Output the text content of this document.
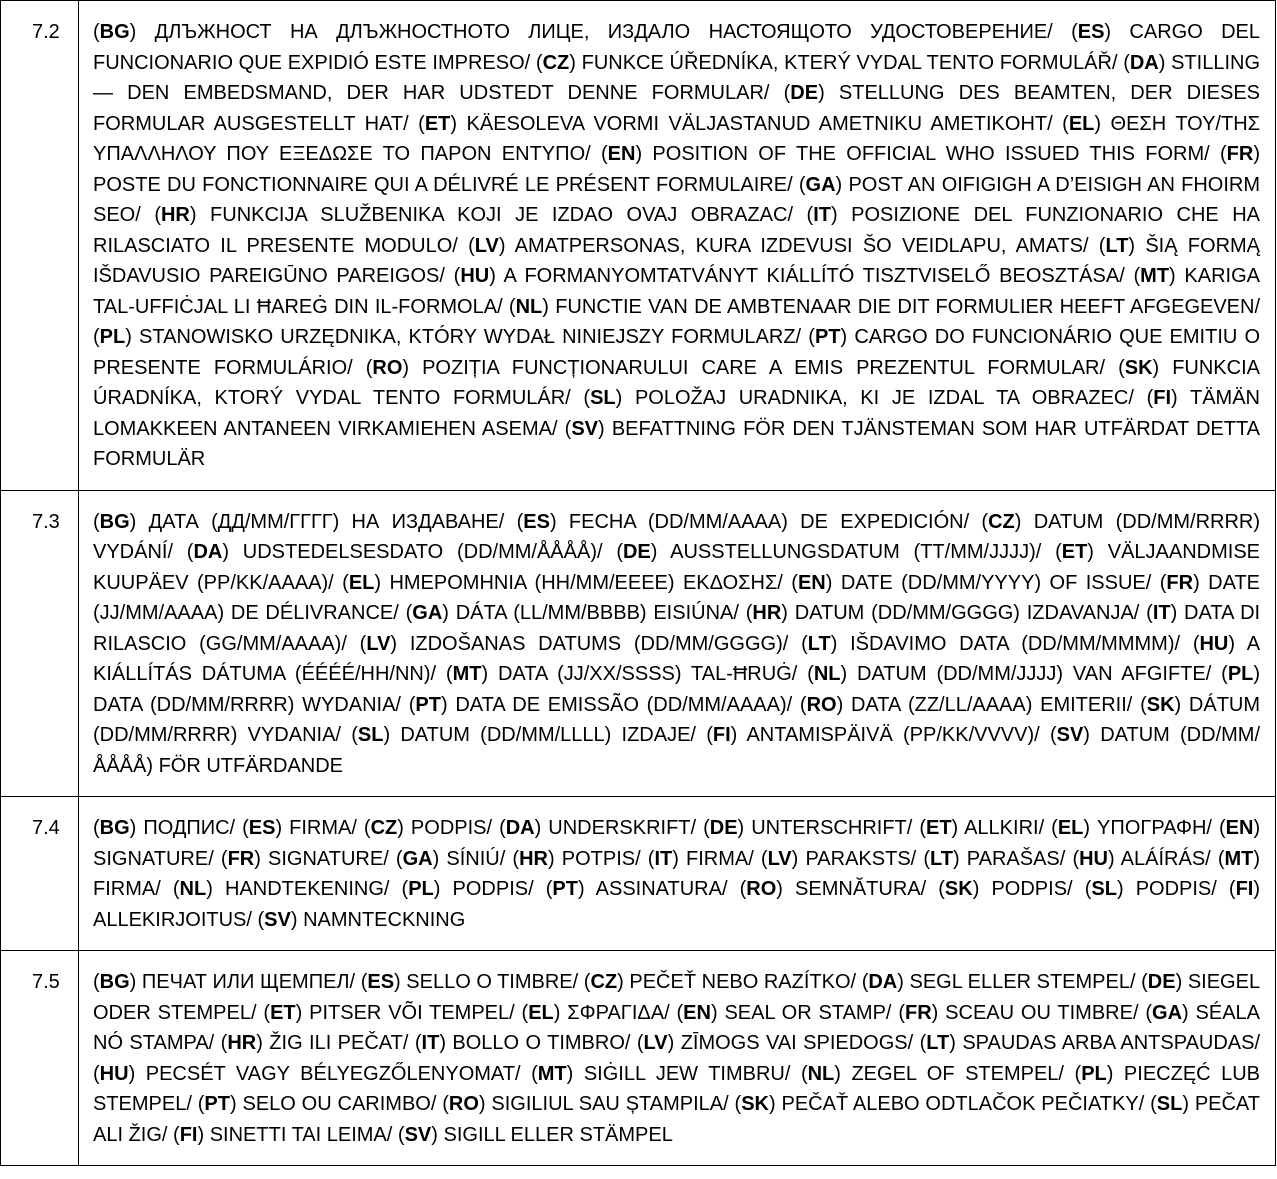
7.2	(BG) ДЛЪЖНОСТ НА ДЛЪЖНОСТНОТО ЛИЦЕ, ИЗДАЛО НАСТОЯЩОТО УДОСТОВЕРЕНИЕ/ (ES) CARGO DEL FUNCIONARIO QUE EXPIDIÓ ESTE IMPRESO/ (CZ) FUNKCE ÚŘEDNÍKA, KTERÝ VYDAL TENTO FORMULÁŘ/ (DA) STILLING — DEN EMBEDSMAND, DER HAR UDSTEDT DENNE FORMULAR/ (DE) STELLUNG DES BEAMTEN, DER DIESES FORMULAR AUSGESTELLT HAT/ (ET) KÄESOLEVA VORMI VÄLJASTANUD AMETNIKU AMETIKOHT/ (EL) ΘΕΣΗ ΤΟΥ/ΤΗΣ ΥΠΑΛΛΗΛΟΥ ΠΟΥ ΕΞΕΔΩΣΕ ΤΟ ΠΑΡΟΝ ΕΝΤΥΠΟ/ (EN) POSITION OF THE OFFICIAL WHO ISSUED THIS FORM/ (FR) POSTE DU FONCTIONNAIRE QUI A DÉLIVRÉ LE PRÉSENT FORMULAIRE/ (GA) POST AN OIFIGIGH A D’EISIGH AN FHOIRM SEO/ (HR) FUNKCIJA SLUŽBENIKA KOJI JE IZDAO OVAJ OBRAZAC/ (IT) POSIZIONE DEL FUNZIONARIO CHE HA RILASCIATO IL PRESENTE MODULO/ (LV) AMATPERSONAS, KURA IZDEVUSI ŠO VEIDLAPU, AMATS/ (LT) ŠIĄ FORMĄ IŠDAVUSIO PAREIGŪNO PAREIGOS/ (HU) A FORMANYOMTATVÁNYT KIÁLLÍTÓ TISZTVISELŐ BEOSZTÁSA/ (MT) KARIGA TAL-UFFIĊJAL LI ĦAREĠ DIN IL-FORMOLA/ (NL) FUNCTIE VAN DE AMBTENAAR DIE DIT FORMULIER HEEFT AFGEGEVEN/ (PL) STANOWISKO URZĘDNIKA, KTÓRY WYDAŁ NINIEJSZY FORMULARZ/ (PT) CARGO DO FUNCIONÁRIO QUE EMITIU O PRESENTE FORMULÁRIO/ (RO) POZIȚIA FUNCȚIONARULUI CARE A EMIS PREZENTUL FORMULAR/ (SK) FUNKCIA ÚRADNÍKA, KTORÝ VYDAL TENTO FORMULÁR/ (SL) POLOŽAJ URADNIKA, KI JE IZDAL TA OBRAZEC/ (FI) TÄMÄN LOMAKKEEN ANTANEEN VIRKAMIEHEN ASEMA/ (SV) BEFATTNING FÖR DEN TJÄNSTEMAN SOM HAR UTFÄRDAT DETTA FORMULÄR
7.3	(BG) ДАТА (ДД/ММ/ГГГГ) НА ИЗДАВАНЕ/ (ES) FECHA (DD/MM/AAAA) DE EXPEDICIÓN/ (CZ) DATUM (DD/MM/RRRR) VYDÁNÍ/ (DA) UDSTEDELSESDATO (DD/MM/ÅÅÅÅ)/ (DE) AUSSTELLUNGSDATUM (TT/MM/JJJJ)/ (ET) VÄLJAANDMISE KUUPÄEV (PP/KK/AAAA)/ (EL) ΗΜΕΡΟΜΗΝΙΑ (ΗΗ/ΜΜ/ΕΕΕΕ) ΕΚΔΟΣΗΣ/ (EN) DATE (DD/MM/YYYY) OF ISSUE/ (FR) DATE (JJ/MM/AAAA) DE DÉLIVRANCE/ (GA) DÁTA (LL/MM/BBBB) EISIÚNA/ (HR) DATUM (DD/MM/GGGG) IZDAVANJA/ (IT) DATA DI RILASCIO (GG/MM/AAAA)/ (LV) IZDOŠANAS DATUMS (DD/MM/GGGG)/ (LT) IŠDAVIMO DATA (DD/MM/MMMM)/ (HU) A KIÁLLÍTÁS DÁTUMA (ÉÉÉÉ/HH/NN)/ (MT) DATA (JJ/XX/SSSS) TAL-ĦRUĠ/ (NL) DATUM (DD/MM/JJJJ) VAN AFGIFTE/ (PL) DATA (DD/MM/RRRR) WYDANIA/ (PT) DATA DE EMISSÃO (DD/MM/AAAA)/ (RO) DATA (ZZ/LL/AAAA) EMITERII/ (SK) DÁTUM (DD/MM/RRRR) VYDANIA/ (SL) DATUM (DD/MM/LLLL) IZDAJE/ (FI) ANTAMISPÄIVÄ (PP/KK/VVVV)/ (SV) DATUM (DD/MM/ÅÅÅÅ) FÖR UTFÄRDANDE
7.4	(BG) ПОДПИС/ (ES) FIRMA/ (CZ) PODPIS/ (DA) UNDERSKRIFT/ (DE) UNTERSCHRIFT/ (ET) ALLKIRI/ (EL) ΥΠΟΓΡΑΦΗ/ (EN) SIGNATURE/ (FR) SIGNATURE/ (GA) SÍNIÚ/ (HR) POTPIS/ (IT) FIRMA/ (LV) PARAKSTS/ (LT) PARAŠAS/ (HU) ALÁÍRÁS/ (MT) FIRMA/ (NL) HANDTEKENING/ (PL) PODPIS/ (PT) ASSINATURA/ (RO) SEMNĂTURA/ (SK) PODPIS/ (SL) PODPIS/ (FI) ALLEKIRJOITUS/ (SV) NAMNTECKNING
7.5	(BG) ПЕЧАТ ИЛИ ЩЕМПЕЛ/ (ES) SELLO O TIMBRE/ (CZ) PEČEŤ NEBO RAZÍTKO/ (DA) SEGL ELLER STEMPEL/ (DE) SIEGEL ODER STEMPEL/ (ET) PITSER VÕI TEMPEL/ (EL) ΣΦΡΑΓΙΔΑ/ (EN) SEAL OR STAMP/ (FR) SCEAU OU TIMBRE/ (GA) SÉALA NÓ STAMPA/ (HR) ŽIG ILI PEČAT/ (IT) BOLLO O TIMBRO/ (LV) ZĪMOGS VAI SPIEDOGS/ (LT) SPAUDAS ARBA ANTSPAUDAS/ (HU) PECSÉT VAGY BÉLYEGZŐLENYOMAT/ (MT) SIĠILL JEW TIMBRU/ (NL) ZEGEL OF STEMPEL/ (PL) PIECZĘĆ LUB STEMPEL/ (PT) SELO OU CARIMBO/ (RO) SIGILIUL SAU ȘTAMPILA/ (SK) PEČAŤ ALEBO ODTLAČOK PEČIATKY/ (SL) PEČAT ALI ŽIG/ (FI) SINETTI TAI LEIMA/ (SV) SIGILL ELLER STÄMPEL
